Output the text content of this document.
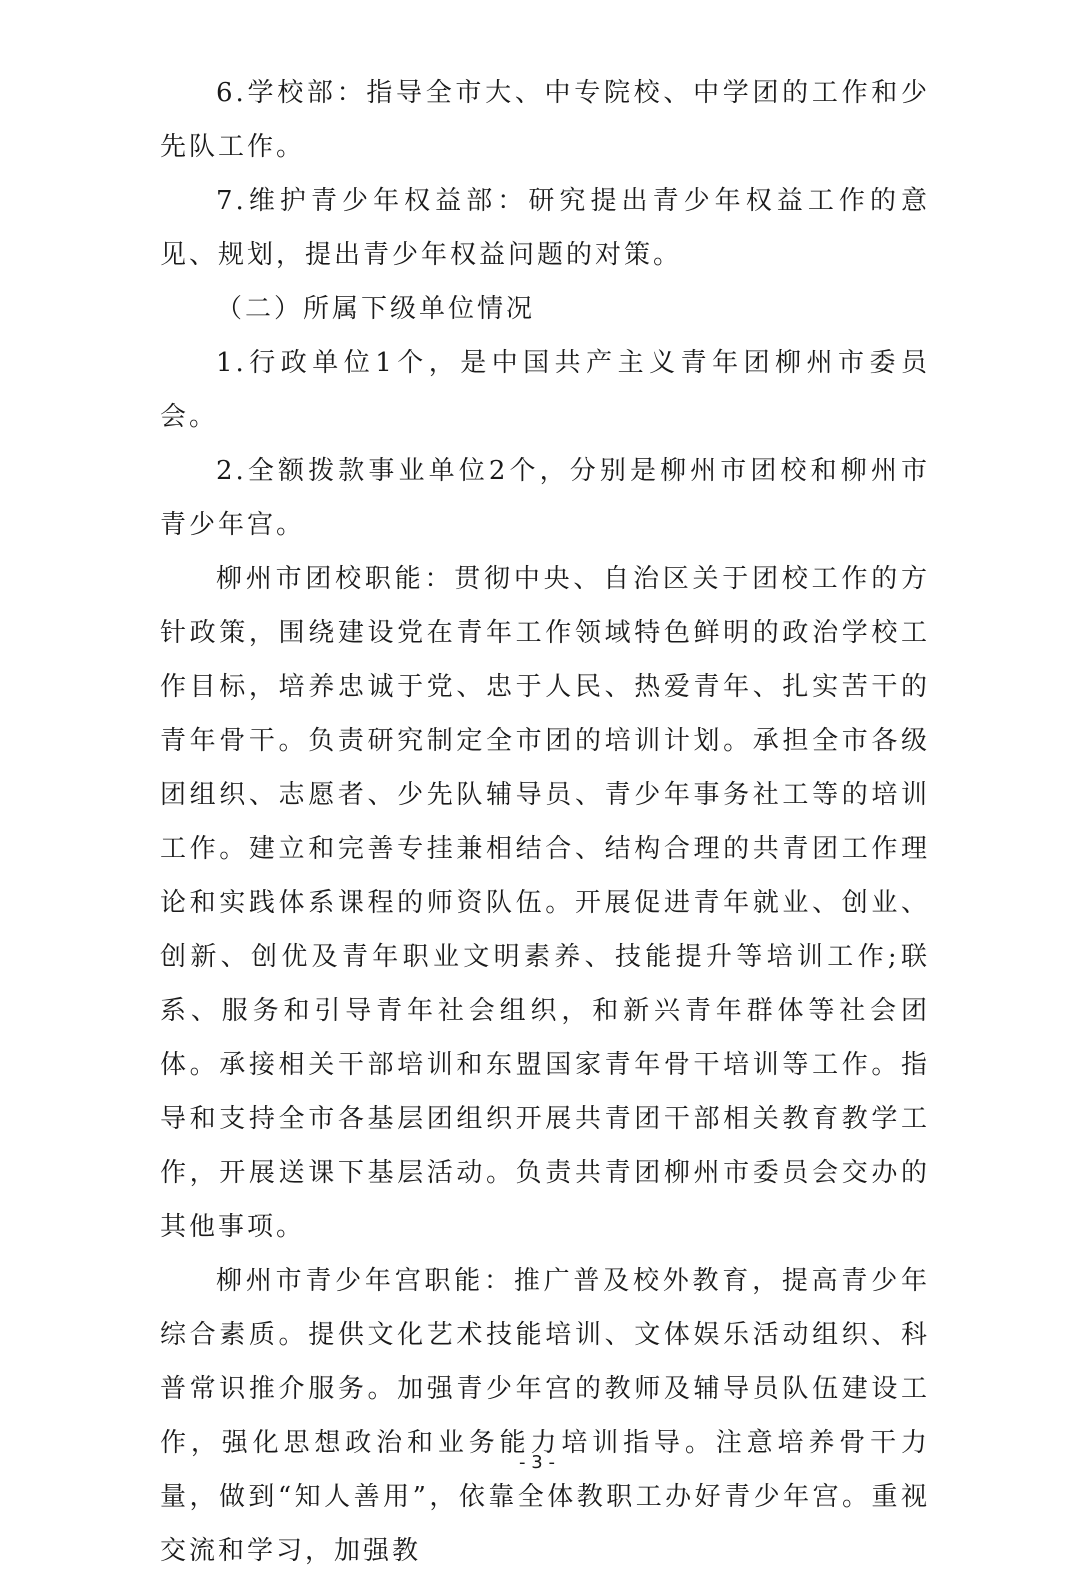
6.学校部：指导全市大、中专院校、中学团的工作和少先队工作。

7.维护青少年权益部：研究提出青少年权益工作的意见、规划，提出青少年权益问题的对策。

（二）所属下级单位情况

1.行政单位1个，是中国共产主义青年团柳州市委员会。

2.全额拨款事业单位2个，分别是柳州市团校和柳州市青少年宫。

柳州市团校职能：贯彻中央、自治区关于团校工作的方针政策，围绕建设党在青年工作领域特色鲜明的政治学校工作目标，培养忠诚于党、忠于人民、热爱青年、扎实苦干的青年骨干。负责研究制定全市团的培训计划。承担全市各级团组织、志愿者、少先队辅导员、青少年事务社工等的培训工作。建立和完善专挂兼相结合、结构合理的共青团工作理论和实践体系课程的师资队伍。开展促进青年就业、创业、创新、创优及青年职业文明素养、技能提升等培训工作;联系、服务和引导青年社会组织，和新兴青年群体等社会团体。承接相关干部培训和东盟国家青年骨干培训等工作。指导和支持全市各基层团组织开展共青团干部相关教育教学工作，开展送课下基层活动。负责共青团柳州市委员会交办的其他事项。

柳州市青少年宫职能：推广普及校外教育，提高青少年综合素质。提供文化艺术技能培训、文体娱乐活动组织、科普常识推介服务。加强青少年宫的教师及辅导员队伍建设工作，强化思想政治和业务能力培训指导。注意培养骨干力量，做到“知人善用”，依靠全体教职工办好青少年宫。重视交流和学习，加强教

- 3 -
